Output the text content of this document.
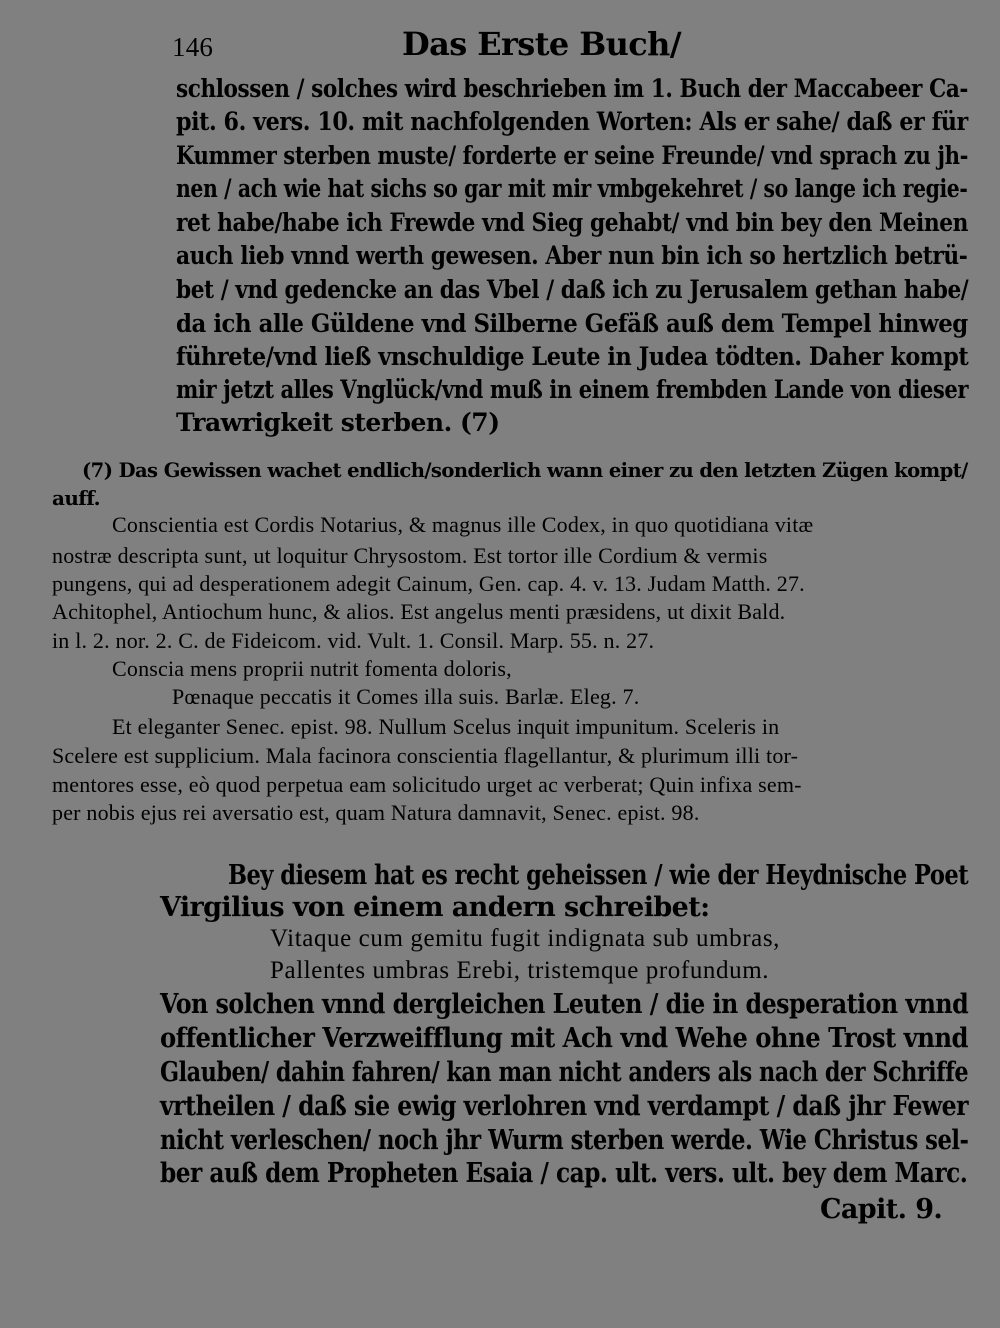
146	Das Erste Buch/
schlossen / solches wird beschrieben im 1. Buch der Maccabeer Ca-
pit. 6. vers. 10. mit nachfolgenden Worten: Als er sahe/ daß er für
Kummer sterben muste/ forderte er seine Freunde/ vnd sprach zu jh-
nen / ach wie hat sichs so gar mit mir vmbgekehret / so lange ich regie-
ret habe/habe ich Frewde vnd Sieg gehabt/ vnd bin bey den Meinen
auch lieb vnnd werth gewesen. Aber nun bin ich so hertzlich betrü-
bet / vnd gedencke an das Vbel / daß ich zu Jerusalem gethan habe/
da ich alle Güldene vnd Silberne Gefäß auß dem Tempel hinweg
führete/vnd ließ vnschuldige Leute in Judea tödten. Daher kompt
mir jetzt alles Vnglück/vnd muß in einem frembden Lande von dieser
Trawrigkeit sterben. (7)
(7) Das Gewissen wachet endlich/sonderlich wann einer zu den letzten Zügen kompt/
auff.
Conscientia est Cordis Notarius, & magnus ille Codex, in quo quotidiana vitæ
nostræ descripta sunt, ut loquitur Chrysostom. Est tortor ille Cordium & vermis
pungens, qui ad desperationem adegit Cainum, Gen. cap. 4. v. 13. Judam Matth. 27.
Achitophel, Antiochum hunc, & alios. Est angelus menti præsidens, ut dixit Bald.
in l. 2. nor. 2. C. de Fideicom. vid. Vult. 1. Consil. Marp. 55. n. 27.
Conscia mens proprii nutrit fomenta doloris,
Pœnaque peccatis it Comes illa suis. Barlæ. Eleg. 7.
Et eleganter Senec. epist. 98. Nullum Scelus inquit impunitum. Sceleris in
Scelere est supplicium. Mala facinora conscientia flagellantur, & plurimum illi tor-
mentores esse, eò quod perpetua eam solicitudo urget ac verberat; Quin infixa sem-
per nobis ejus rei aversatio est, quam Natura damnavit, Senec. epist. 98.
Bey diesem hat es recht geheissen / wie der Heydnische Poet
Virgilius von einem andern schreibet:
Vitaque cum gemitu fugit indignata sub umbras,
Pallentes umbras Erebi, tristemque profundum.
Von solchen vnnd dergleichen Leuten / die in desperation vnnd
offentlicher Verzweifflung mit Ach vnd Wehe ohne Trost vnnd
Glauben/ dahin fahren/ kan man nicht anders als nach der Schriffe
vrtheilen / daß sie ewig verlohren vnd verdampt / daß jhr Fewer
nicht verleschen/ noch jhr Wurm sterben werde. Wie Christus sel-
ber auß dem Propheten Esaia / cap. ult. vers. ult. bey dem Marc.
Capit. 9.
